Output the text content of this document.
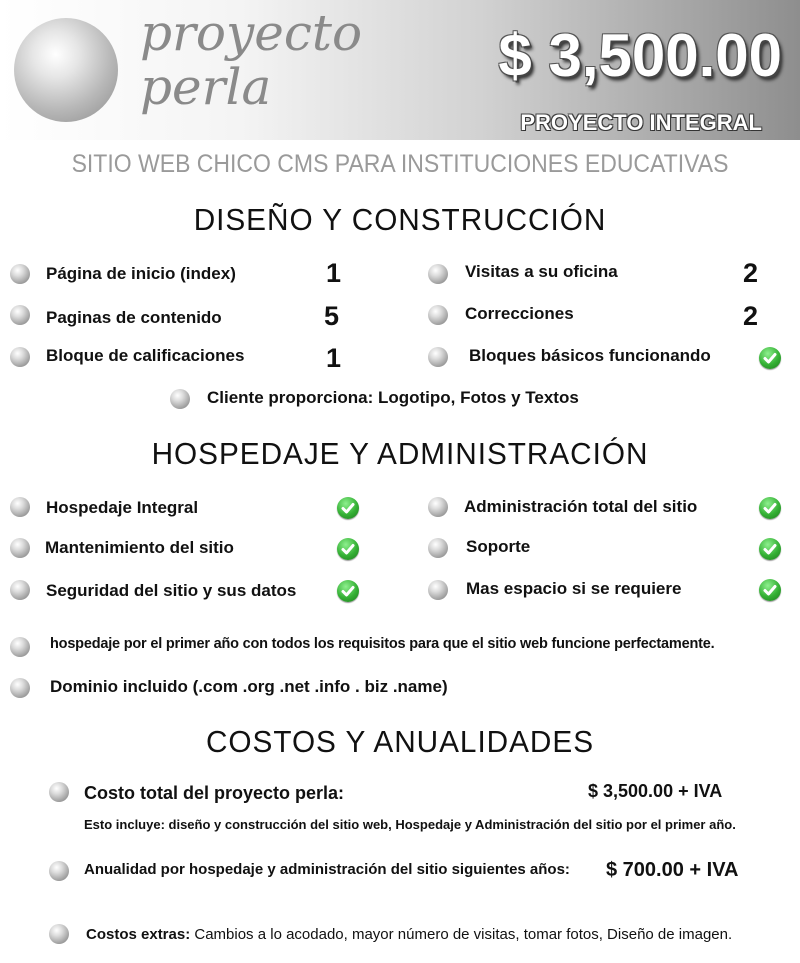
proyecto
perla	$ 3,500.00
PROYECTO INTEGRAL
SITIO WEB CHICO CMS PARA INSTITUCIONES EDUCATIVAS
DISEÑO Y CONSTRUCCIÓN
Página de inicio (index)	1
Paginas de contenido	5
Bloque de calificaciones	1
Visitas a su oficina	2
Correcciones	2
Bloques básicos funcionando
Cliente proporciona: Logotipo, Fotos y Textos
HOSPEDAJE Y ADMINISTRACIÓN
Hospedaje Integral
Mantenimiento del sitio
Seguridad del sitio y sus datos
Administración total del sitio
Soporte
Mas espacio si se requiere
hospedaje por el primer año con todos los requisitos para que el sitio web funcione perfectamente.
Dominio incluido (.com .org .net .info . biz .name)
COSTOS Y ANUALIDADES
Costo total del proyecto perla:	$ 3,500.00 + IVA
Esto incluye: diseño y construcción del sitio web, Hospedaje y Administración del sitio por el primer año.
Anualidad por hospedaje y administración del sitio siguientes años: $ 700.00 + IVA
Costos extras: Cambios a lo acodado, mayor número de visitas, tomar fotos, Diseño de imagen.
